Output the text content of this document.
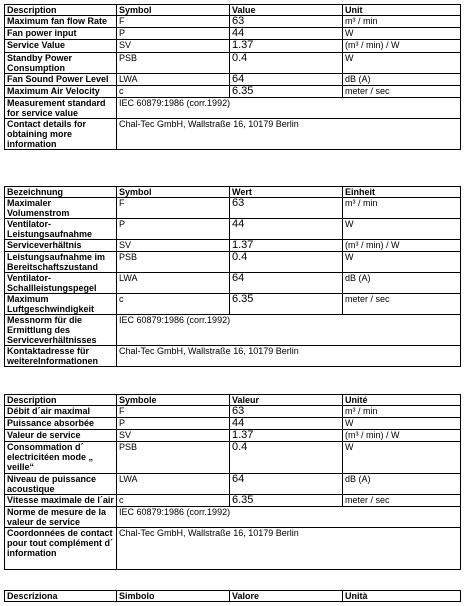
Description	Symbol	Value	Unit
Maximum fan flow Rate	F	63	m³ / min
Fan power input	P	44	W
Service Value	SV	1.37	(m³ / min) / W
Standby Power Consumption	PSB	0.4	W
Fan Sound Power Level	LWA	64	dB (A)
Maximum Air Velocity	c	6.35	meter / sec
Measurement standard for service value	IEC 60879:1986 (corr.1992)		
Contact details for obtaining more information	Chal-Tec GmbH, Wallstraße 16, 10179 Berlin		
Bezeichnung	Symbol	Wert	Einheit
Maximaler Volumenstrom	F	63	m³ / min
Ventilator-Leistungsaufnahme	P	44	W
Serviceverhältnis	SV	1.37	(m³ / min) / W
Leistungsaufnahme im Bereitschaftszustand	PSB	0.4	W
Ventilator-Schallleistungspegel	LWA	64	dB (A)
Maximum Luftgeschwindigkeit	c	6.35	meter / sec
Messnorm für die Ermittlung des Serviceverhältnisses	IEC 60879:1986 (corr.1992)		
Kontaktadresse für weitereInformationen	Chal-Tec GmbH, Wallstraße 16, 10179 Berlin		
Description	Symbole	Valeur	Unité
Débit d´air maximal	F	63	m³ / min
Puissance absorbée	P	44	W
Valeur de service	SV	1.37	(m³ / min) / W
Consommation d´ electricitéen mode „ veille“	PSB	0.4	W
Niveau de puissance acoustique	LWA	64	dB (A)
Vitesse maximale de l´air	c	6.35	meter / sec
Norme de mesure de la valeur de service	IEC 60879:1986 (corr.1992)		
Coordonnées de contact pour tout complément d´ information	Chal-Tec GmbH, Wallstraße 16, 10179 Berlin		
Descriziona	Simbolo	Valore	Unità
